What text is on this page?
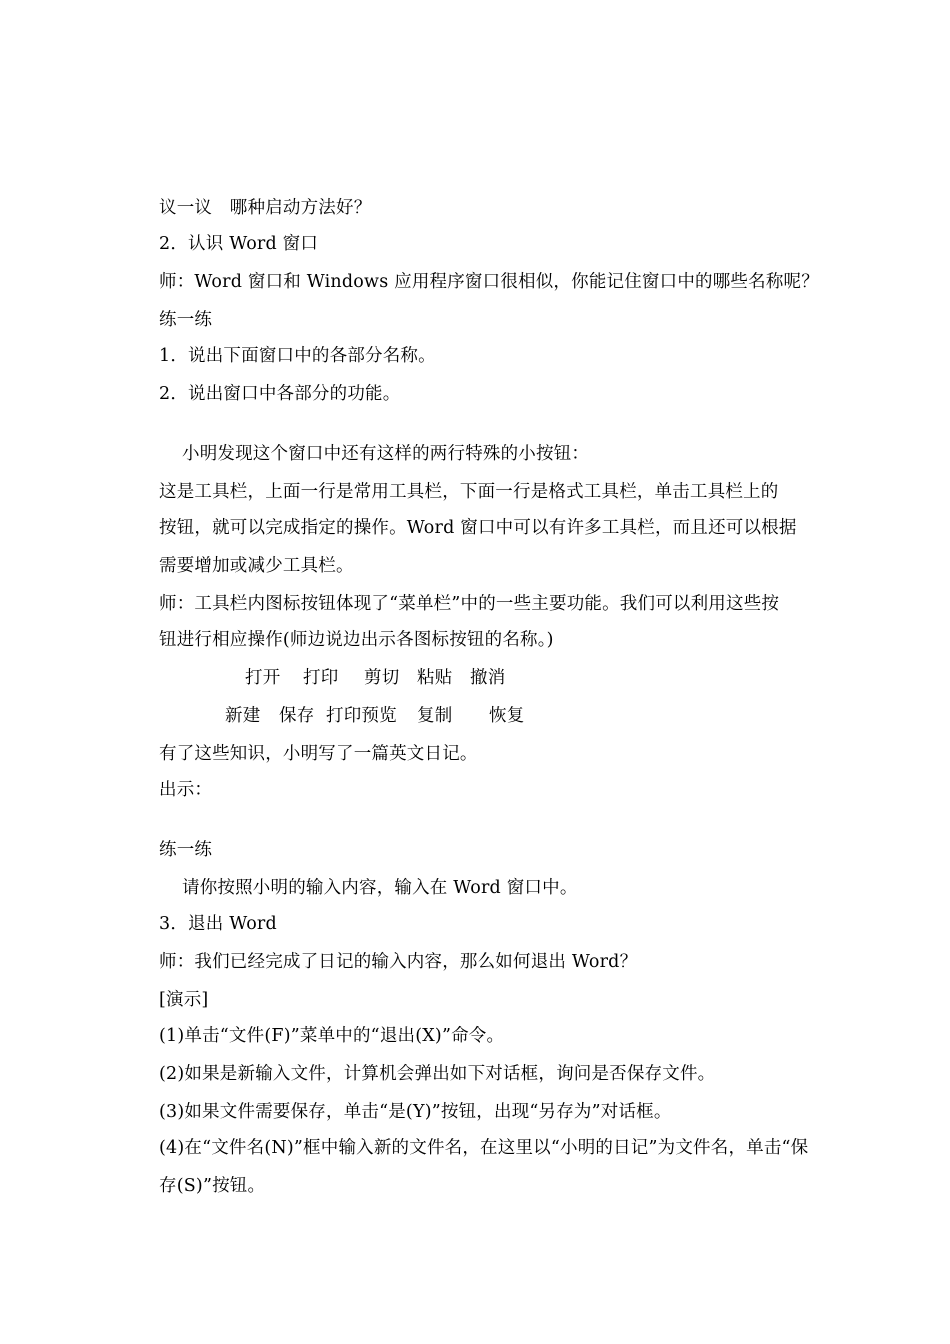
议一议　哪种启动方法好？
2．认识 Word 窗口
师：Word 窗口和 Windows 应用程序窗口很相似，你能记住窗口中的哪些名称呢？
练一练
1．说出下面窗口中的各部分名称。
2．说出窗口中各部分的功能。
小明发现这个窗口中还有这样的两行特殊的小按钮：
这是工具栏，上面一行是常用工具栏，下面一行是格式工具栏，单击工具栏上的
按钮，就可以完成指定的操作。Word 窗口中可以有许多工具栏，而且还可以根据
需要增加或减少工具栏。
师：工具栏内图标按钮体现了“菜单栏”中的一些主要功能。我们可以利用这些按
钮进行相应操作(师边说边出示各图标按钮的名称。)
打开 打印 剪切 粘贴 撤消
新建 保存 打印预览 复制 恢复
有了这些知识，小明写了一篇英文日记。
出示：
练一练
请你按照小明的输入内容，输入在 Word 窗口中。
3．退出 Word
师：我们已经完成了日记的输入内容，那么如何退出 Word？
[演示]
(1)单击“文件(F)”菜单中的“退出(X)”命令。
(2)如果是新输入文件，计算机会弹出如下对话框，询问是否保存文件。
(3)如果文件需要保存，单击“是(Y)”按钮，出现“另存为”对话框。
(4)在“文件名(N)”框中输入新的文件名，在这里以“小明的日记”为文件名，单击“保
存(S)”按钮。
